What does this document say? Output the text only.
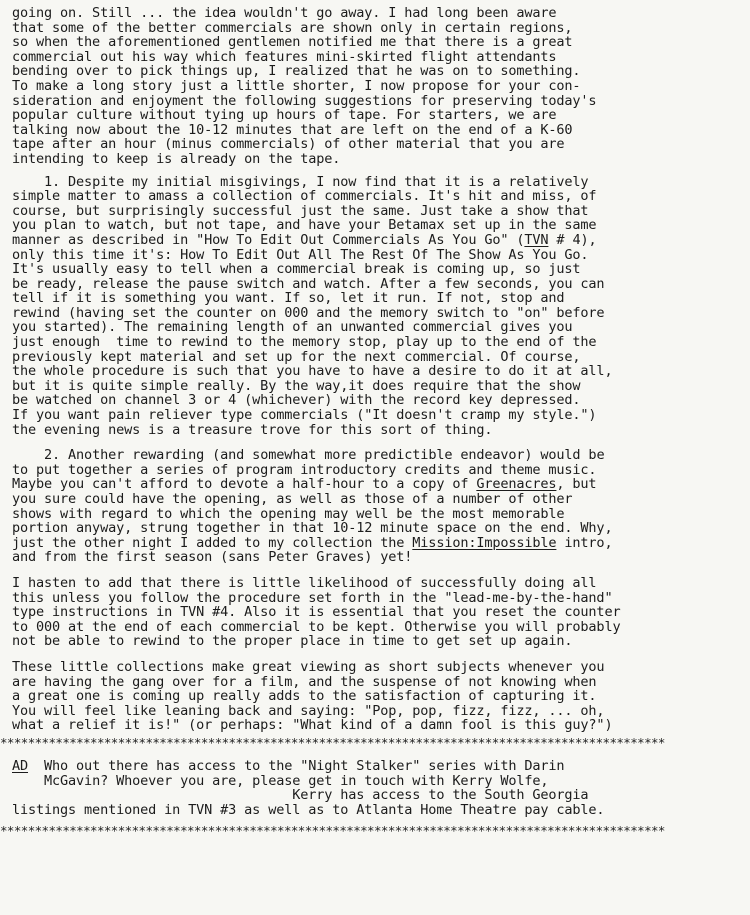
going on. Still ... the idea wouldn't go away. I had long been aware
that some of the better commercials are shown only in certain regions,
so when the aforementioned gentlemen notified me that there is a great
commercial out his way which features mini-skirted flight attendants
bending over to pick things up, I realized that he was on to something.
To make a long story just a little shorter, I now propose for your con-
sideration and enjoyment the following suggestions for preserving today's
popular culture without tying up hours of tape. For starters, we are
talking now about the 10-12 minutes that are left on the end of a K-60
tape after an hour (minus commercials) of other material that you are
intending to keep is already on the tape.
1. Despite my initial misgivings, I now find that it is a relatively
simple matter to amass a collection of commercials. It's hit and miss, of
course, but surprisingly successful just the same. Just take a show that
you plan to watch, but not tape, and have your Betamax set up in the same
manner as described in "How To Edit Out Commercials As You Go" (TVN # 4),
only this time it's: How To Edit Out All The Rest Of The Show As You Go.
It's usually easy to tell when a commercial break is coming up, so just
be ready, release the pause switch and watch. After a few seconds, you can
tell if it is something you want. If so, let it run. If not, stop and
rewind (having set the counter on 000 and the memory switch to "on" before
you started). The remaining length of an unwanted commercial gives you
just enough  time to rewind to the memory stop, play up to the end of the
previously kept material and set up for the next commercial. Of course,
the whole procedure is such that you have to have a desire to do it at all,
but it is quite simple really. By the way,it does require that the show
be watched on channel 3 or 4 (whichever) with the record key depressed.
If you want pain reliever type commercials ("It doesn't cramp my style.")
the evening news is a treasure trove for this sort of thing.
2. Another rewarding (and somewhat more predictible endeavor) would be
to put together a series of program introductory credits and theme music.
Maybe you can't afford to devote a half-hour to a copy of Greenacres, but
you sure could have the opening, as well as those of a number of other
shows with regard to which the opening may well be the most memorable
portion anyway, strung together in that 10-12 minute space on the end. Why,
just the other night I added to my collection the Mission:Impossible intro,
and from the first season (sans Peter Graves) yet!
I hasten to add that there is little likelihood of successfully doing all
this unless you follow the procedure set forth in the "lead-me-by-the-hand"
type instructions in TVN #4. Also it is essential that you reset the counter
to 000 at the end of each commercial to be kept. Otherwise you will probably
not be able to rewind to the proper place in time to get set up again.
These little collections make great viewing as short subjects whenever you
are having the gang over for a film, and the suspense of not knowing when
a great one is coming up really adds to the satisfaction of capturing it.
You will feel like leaning back and saying: "Pop, pop, fizz, fizz, ... oh,
what a relief it is!" (or perhaps: "What kind of a damn fool is this guy?")
************************************************************************************************
AD  Who out there has access to the "Night Stalker" series with Darin
McGavin? Whoever you are, please get in touch with Kerry Wolfe,
Kerry has access to the South Georgia
listings mentioned in TVN #3 as well as to Atlanta Home Theatre pay cable.
************************************************************************************************
